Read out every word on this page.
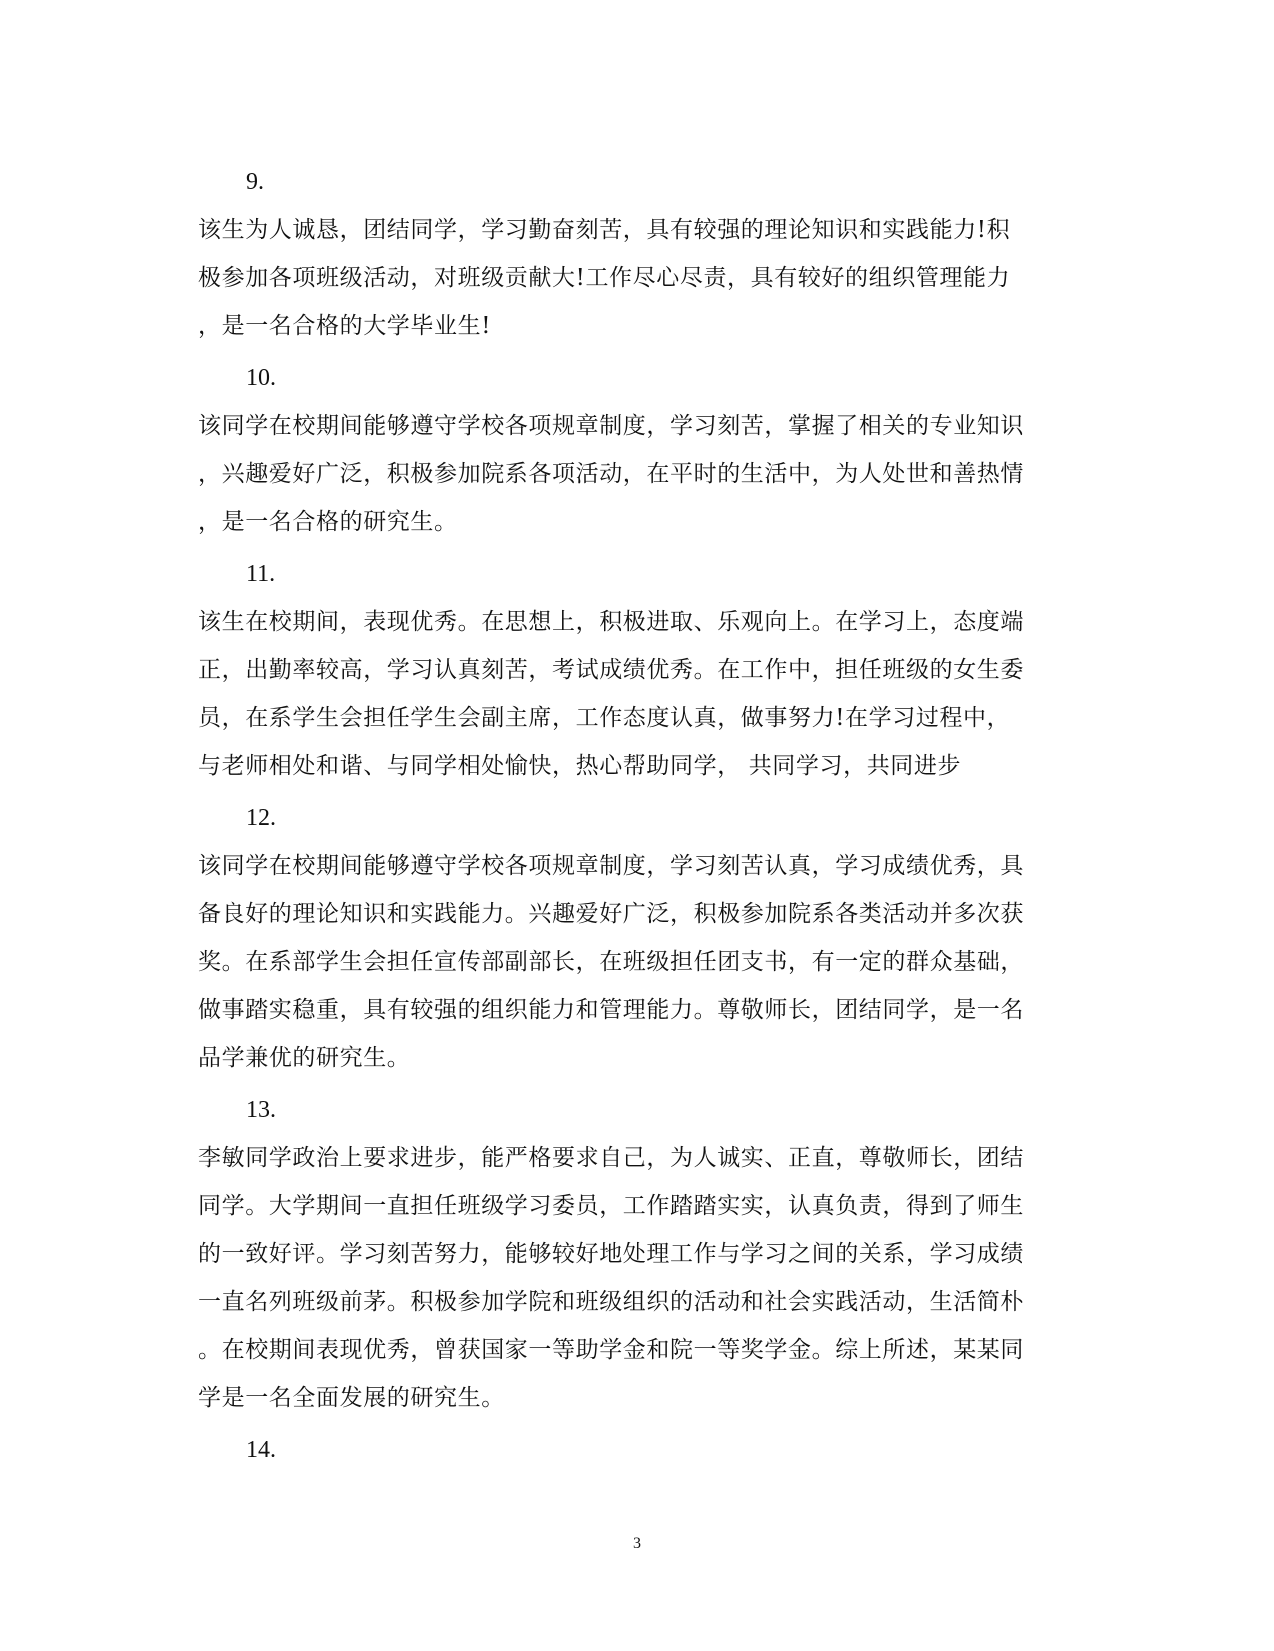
9.

该生为人诚恳，团结同学，学习勤奋刻苦，具有较强的理论知识和实践能力!积
极参加各项班级活动，对班级贡献大!工作尽心尽责，具有较好的组织管理能力
，是一名合格的大学毕业生!

10.

该同学在校期间能够遵守学校各项规章制度，学习刻苦，掌握了相关的专业知识
，兴趣爱好广泛，积极参加院系各项活动，在平时的生活中，为人处世和善热情
，是一名合格的研究生。

11.

该生在校期间，表现优秀。在思想上，积极进取、乐观向上。在学习上，态度端
正，出勤率较高，学习认真刻苦，考试成绩优秀。在工作中，担任班级的女生委
员，在系学生会担任学生会副主席，工作态度认真，做事努力!在学习过程中，
与老师相处和谐、与同学相处愉快，热心帮助同学， 共同学习，共同进步

12.

该同学在校期间能够遵守学校各项规章制度，学习刻苦认真，学习成绩优秀，具
备良好的理论知识和实践能力。兴趣爱好广泛，积极参加院系各类活动并多次获
奖。在系部学生会担任宣传部副部长，在班级担任团支书，有一定的群众基础，
做事踏实稳重，具有较强的组织能力和管理能力。尊敬师长，团结同学，是一名
品学兼优的研究生。

13.

李敏同学政治上要求进步，能严格要求自己，为人诚实、正直，尊敬师长，团结
同学。大学期间一直担任班级学习委员，工作踏踏实实，认真负责，得到了师生
的一致好评。学习刻苦努力，能够较好地处理工作与学习之间的关系，学习成绩
一直名列班级前茅。积极参加学院和班级组织的活动和社会实践活动，生活简朴
。在校期间表现优秀，曾获国家一等助学金和院一等奖学金。综上所述，某某同
学是一名全面发展的研究生。

14.

3
